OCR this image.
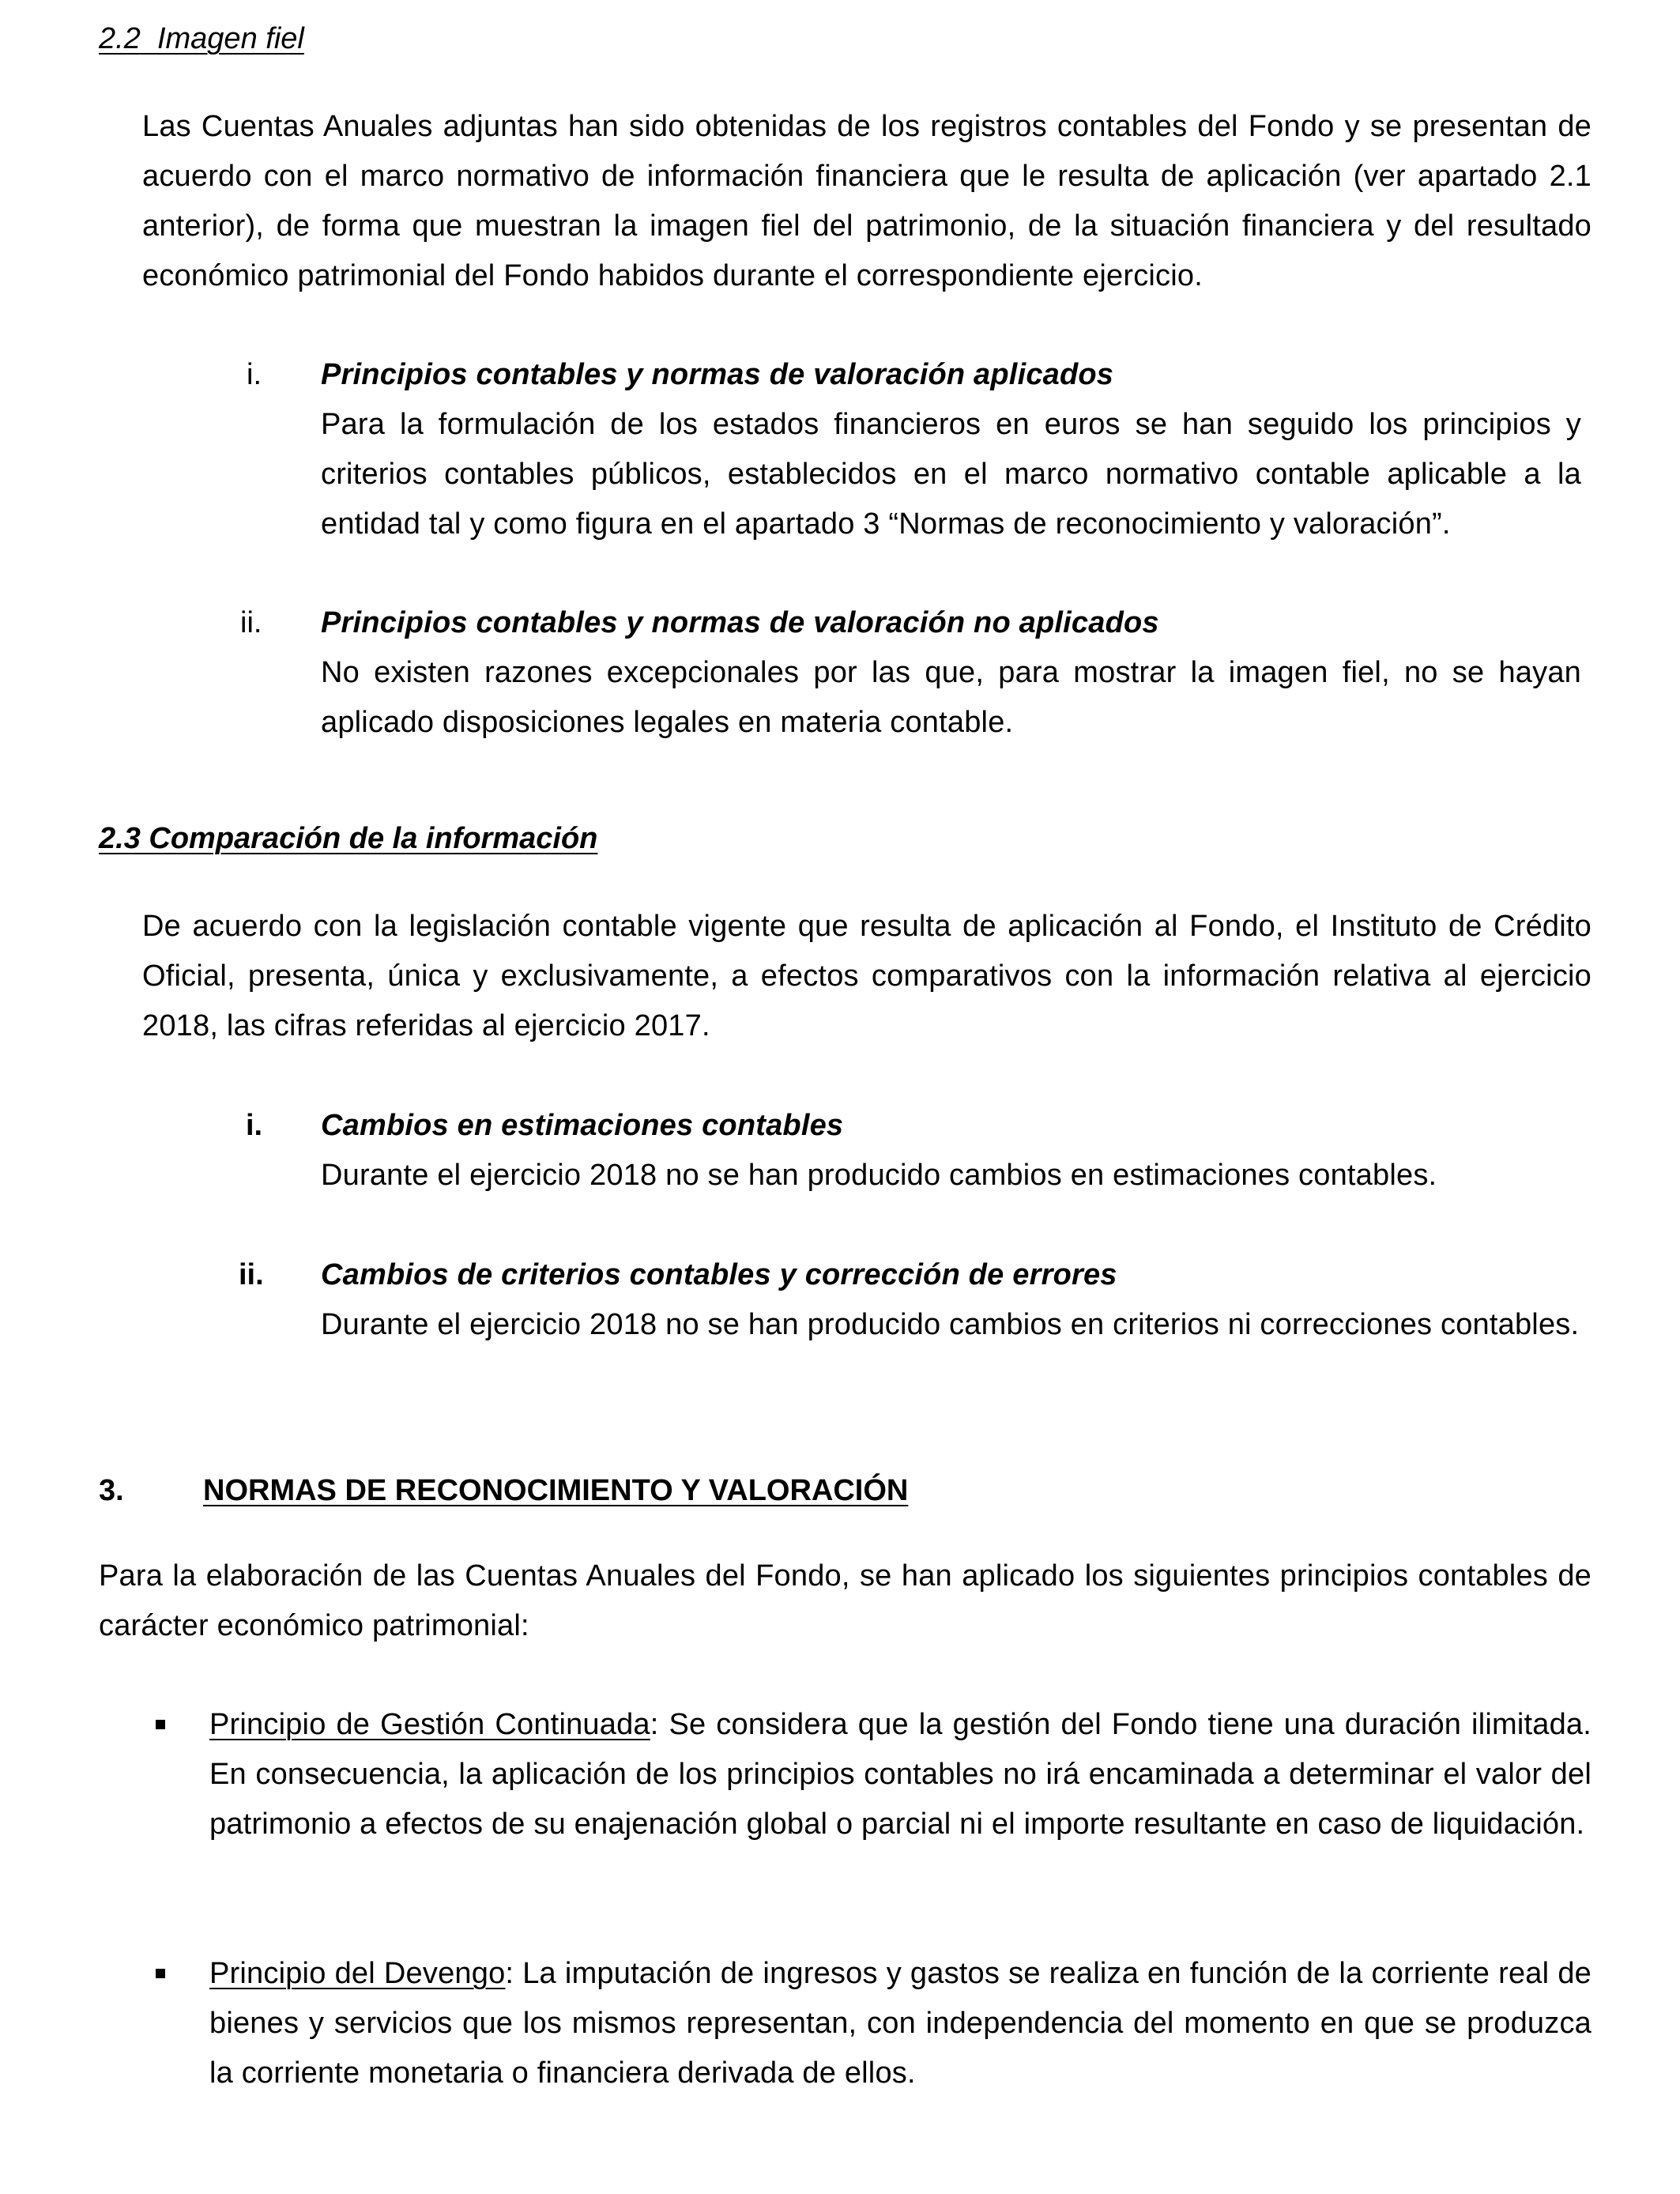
2.2 Imagen fiel
Las Cuentas Anuales adjuntas han sido obtenidas de los registros contables del Fondo y se presentan de acuerdo con el marco normativo de información financiera que le resulta de aplicación (ver apartado 2.1 anterior), de forma que muestran la imagen fiel del patrimonio, de la situación financiera y del resultado económico patrimonial del Fondo habidos durante el correspondiente ejercicio.
i. Principios contables y normas de valoración aplicados
Para la formulación de los estados financieros en euros se han seguido los principios y criterios contables públicos, establecidos en el marco normativo contable aplicable a la entidad tal y como figura en el apartado 3 “Normas de reconocimiento y valoración”.
ii. Principios contables y normas de valoración no aplicados
No existen razones excepcionales por las que, para mostrar la imagen fiel, no se hayan aplicado disposiciones legales en materia contable.
2.3 Comparación de la información
De acuerdo con la legislación contable vigente que resulta de aplicación al Fondo, el Instituto de Crédito Oficial, presenta, única y exclusivamente, a efectos comparativos con la información relativa al ejercicio 2018, las cifras referidas al ejercicio 2017.
i. Cambios en estimaciones contables
Durante el ejercicio 2018 no se han producido cambios en estimaciones contables.
ii. Cambios de criterios contables y corrección de errores
Durante el ejercicio 2018 no se han producido cambios en criterios ni correcciones contables.
3.	NORMAS DE RECONOCIMIENTO Y VALORACIÓN
Para la elaboración de las Cuentas Anuales del Fondo, se han aplicado los siguientes principios contables de carácter económico patrimonial:
Principio de Gestión Continuada: Se considera que la gestión del Fondo tiene una duración ilimitada. En consecuencia, la aplicación de los principios contables no irá encaminada a determinar el valor del patrimonio a efectos de su enajenación global o parcial ni el importe resultante en caso de liquidación.
Principio del Devengo: La imputación de ingresos y gastos se realiza en función de la corriente real de bienes y servicios que los mismos representan, con independencia del momento en que se produzca la corriente monetaria o financiera derivada de ellos.
